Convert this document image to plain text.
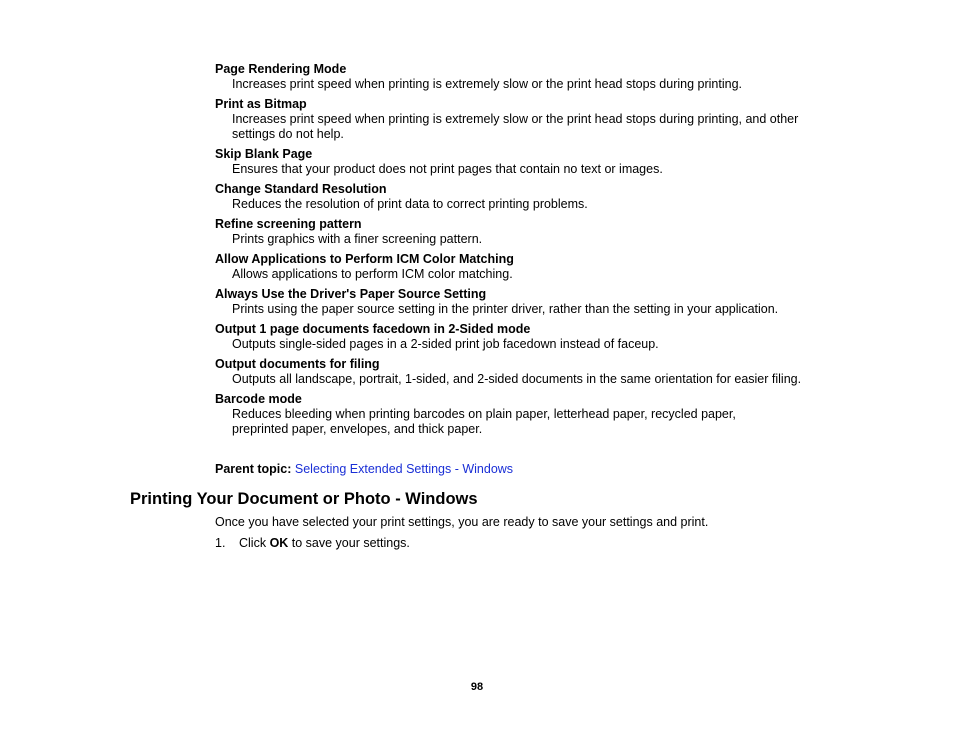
Page Rendering Mode

Increases print speed when printing is extremely slow or the print head stops during printing.

Print as Bitmap

Increases print speed when printing is extremely slow or the print head stops during printing, and other settings do not help.

Skip Blank Page

Ensures that your product does not print pages that contain no text or images.

Change Standard Resolution

Reduces the resolution of print data to correct printing problems.

Refine screening pattern

Prints graphics with a finer screening pattern.

Allow Applications to Perform ICM Color Matching

Allows applications to perform ICM color matching.

Always Use the Driver's Paper Source Setting

Prints using the paper source setting in the printer driver, rather than the setting in your application.

Output 1 page documents facedown in 2-Sided mode

Outputs single-sided pages in a 2-sided print job facedown instead of faceup.

Output documents for filing

Outputs all landscape, portrait, 1-sided, and 2-sided documents in the same orientation for easier filing.

Barcode mode

Reduces bleeding when printing barcodes on plain paper, letterhead paper, recycled paper, preprinted paper, envelopes, and thick paper.

Parent topic: Selecting Extended Settings - Windows
Printing Your Document or Photo - Windows

Once you have selected your print settings, you are ready to save your settings and print.

1. Click OK to save your settings.
98
